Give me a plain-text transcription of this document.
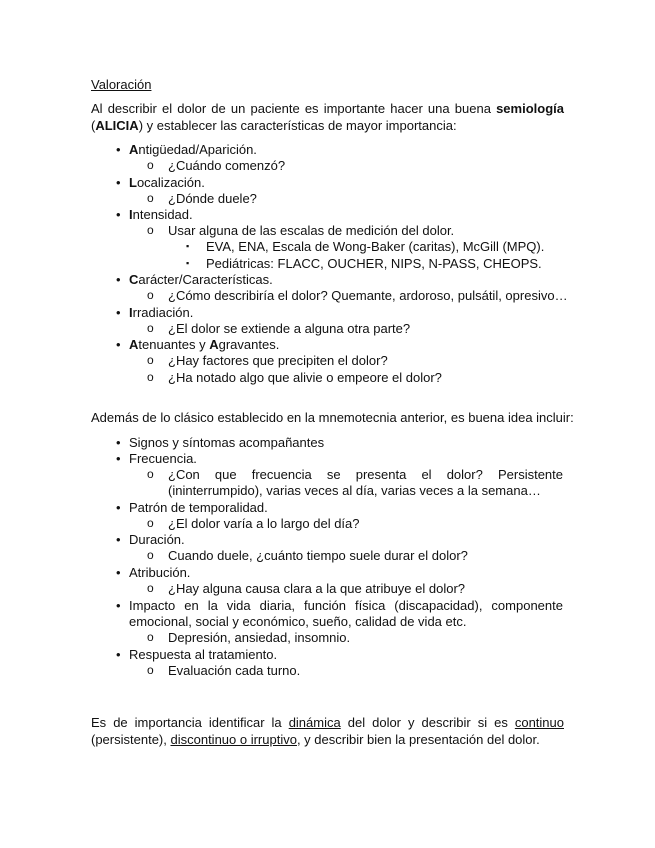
Valoración
Al describir el dolor de un paciente es importante hacer una buena semiología (ALICIA) y establecer las características de mayor importancia:
• Antigüedad/Aparición.
o ¿Cuándo comenzó?
• Localización.
o ¿Dónde duele?
• Intensidad.
o Usar alguna de las escalas de medición del dolor.
▪ EVA, ENA, Escala de Wong-Baker (caritas), McGill (MPQ).
▪ Pediátricas: FLACC, OUCHER, NIPS, N-PASS, CHEOPS.
• Carácter/Características.
o ¿Cómo describiría el dolor? Quemante, ardoroso, pulsátil, opresivo…
• Irradiación.
o ¿El dolor se extiende a alguna otra parte?
• Atenuantes y Agravantes.
o ¿Hay factores que precipiten el dolor?
o ¿Ha notado algo que alivie o empeore el dolor?
Además de lo clásico establecido en la mnemotecnia anterior, es buena idea incluir:
• Signos y síntomas acompañantes
• Frecuencia.
o ¿Con que frecuencia se presenta el dolor? Persistente
(ininterrumpido), varias veces al día, varias veces a la semana…
• Patrón de temporalidad.
o ¿El dolor varía a lo largo del día?
• Duración.
o Cuando duele, ¿cuánto tiempo suele durar el dolor?
• Atribución.
o ¿Hay alguna causa clara a la que atribuye el dolor?
• Impacto en la vida diaria, función física (discapacidad), componente
emocional, social y económico, sueño, calidad de vida etc.
o Depresión, ansiedad, insomnio.
• Respuesta al tratamiento.
o Evaluación cada turno.
Es de importancia identificar la dinámica del dolor y describir si es continuo (persistente), discontinuo o irruptivo, y describir bien la presentación del dolor.
